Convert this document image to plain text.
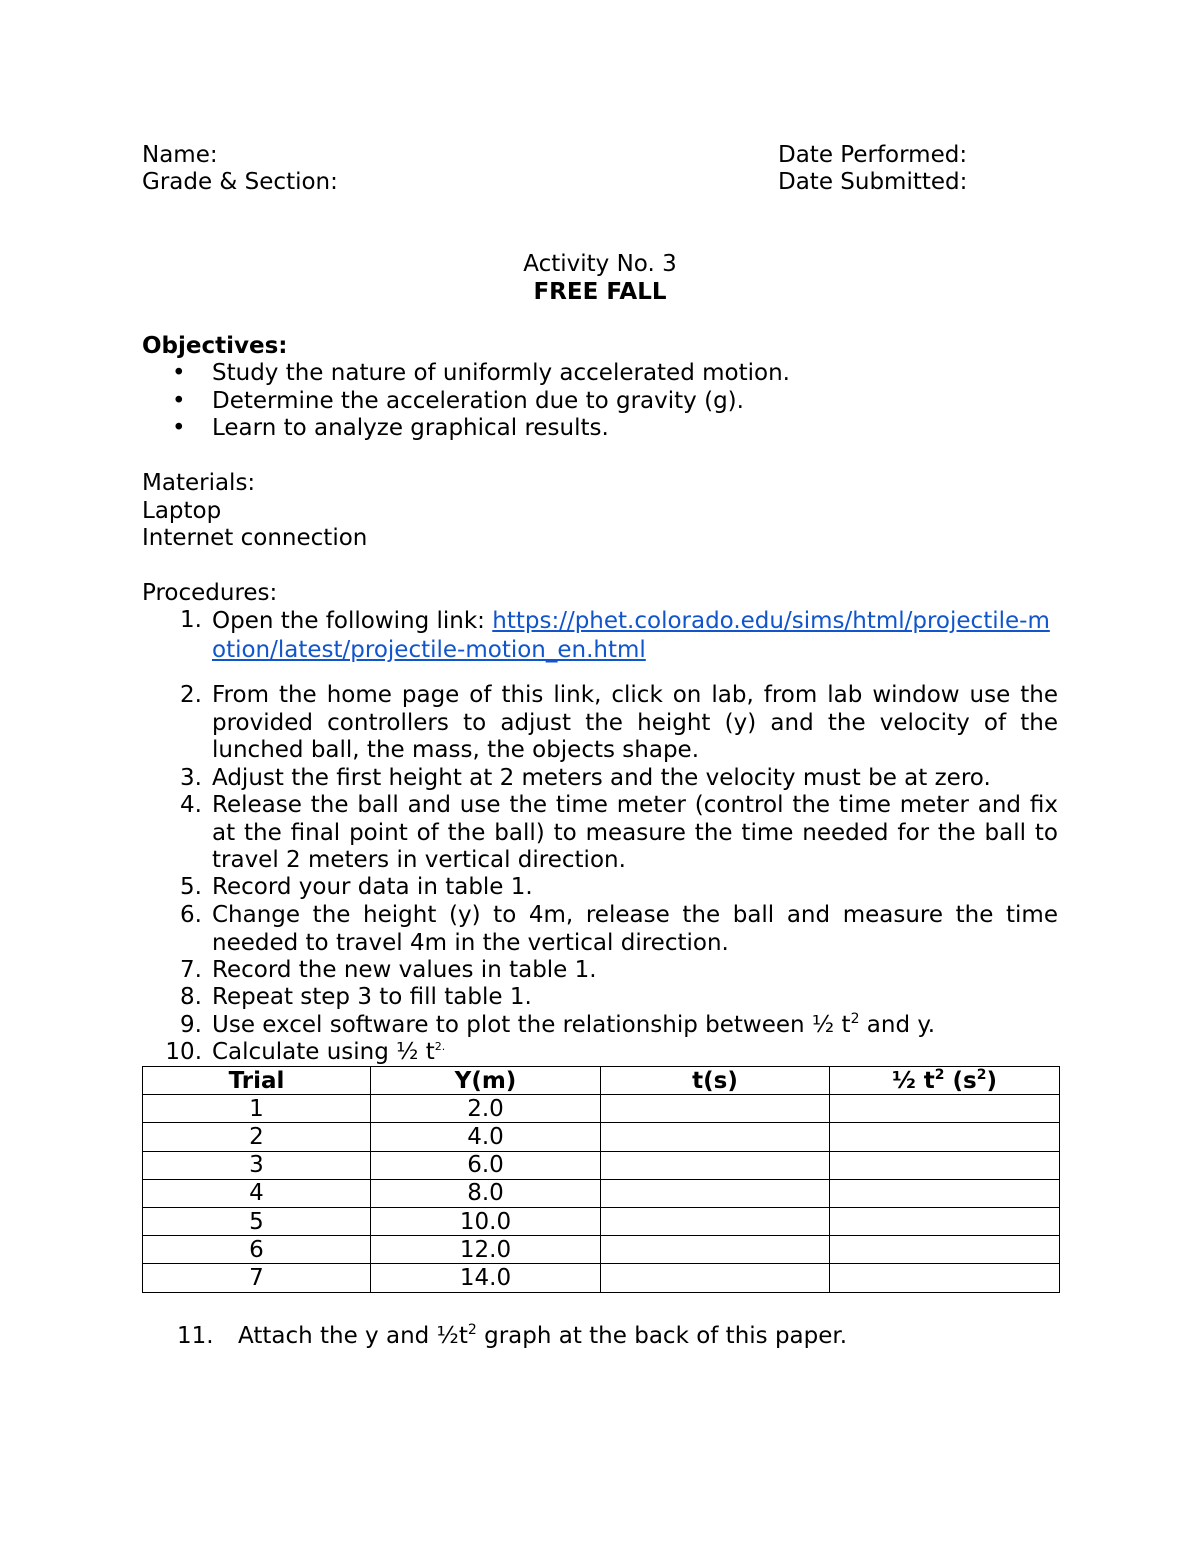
Name:
Grade & Section:
Date Performed:
Date Submitted:
Activity No. 3
FREE FALL
Objectives:
• Study the nature of uniformly accelerated motion.
• Determine the acceleration due to gravity (g).
• Learn to analyze graphical results.
Materials:
Laptop
Internet connection
Procedures:
1. Open the following link: https://phet.colorado.edu/sims/html/projectile-motion/latest/projectile-motion_en.html
2. From the home page of this link, click on lab, from lab window use the provided controllers to adjust the height (y) and the velocity of the lunched ball, the mass, the objects shape.
3. Adjust the first height at 2 meters and the velocity must be at zero.
4. Release the ball and use the time meter (control the time meter and fix at the final point of the ball) to measure the time needed for the ball to travel 2 meters in vertical direction.
5. Record your data in table 1.
6. Change the height (y) to 4m, release the ball and measure the time needed to travel 4m in the vertical direction.
7. Record the new values in table 1.
8. Repeat step 3 to fill table 1.
9. Use excel software to plot the relationship between ½ $t^2$ and y.
10. Calculate using ½ $t^{2.}$
Trial	Y(m)	t(s)	½ $t^2$ $(s^2)$
1	2.0		
2	4.0		
3	6.0		
4	8.0		
5	10.0		
6	12.0		
7	14.0		
11. Attach the y and $\frac{1}{2}t^2$ graph at the back of this paper.
